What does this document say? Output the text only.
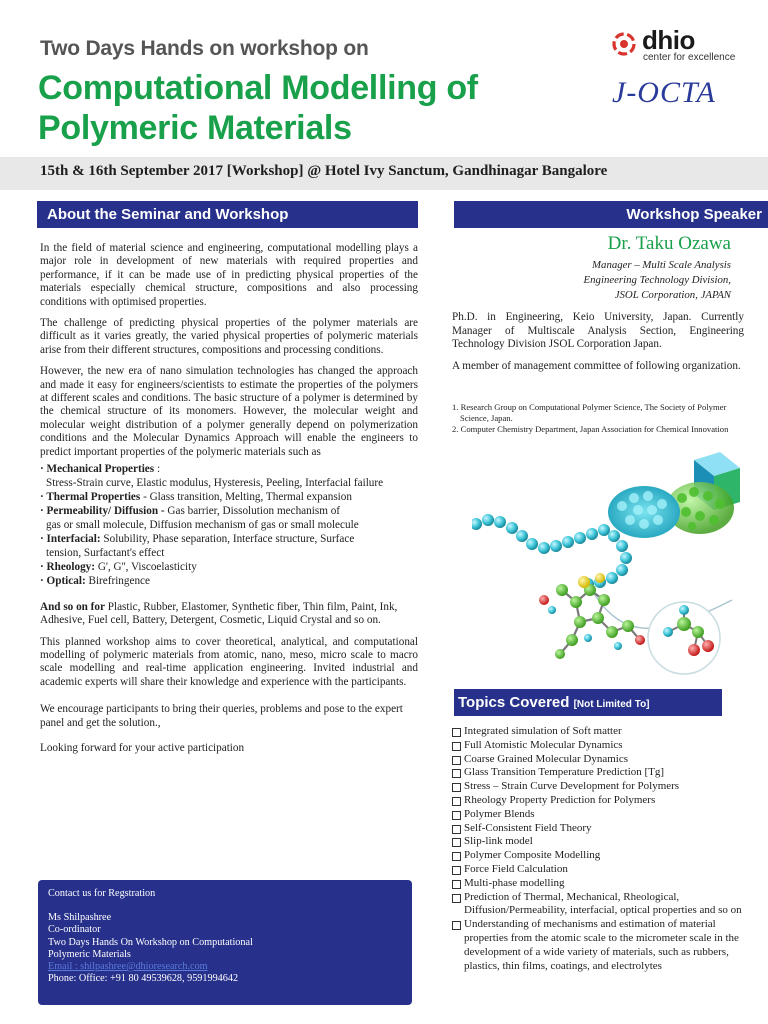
Two Days Hands on workshop on
Computational Modelling of
Polymeric Materials
dhio
center for excellence
J-OCTA
15th & 16th September 2017 [Workshop] @ Hotel Ivy Sanctum, Gandhinagar Bangalore
About the Seminar and Workshop	Workshop Speaker
Topics Covered [Not Limited To]

In the field of material science and engineering, computational modelling plays a major role in development of new materials with required properties and performance, if it can be made use of in predicting physical properties of the materials especially chemical structure, compositions and also processing conditions with optimised properties.

The challenge of predicting physical properties of the polymer materials are difficult as it varies greatly, the varied physical properties of polymeric materials arise from their different structures, compositions and processing conditions.

However, the new era of nano simulation technologies has changed the approach and made it easy for engineers/scientists to estimate the properties of the polymers at different scales and conditions. The basic structure of a polymer is determined by the chemical structure of its monomers. However, the molecular weight and molecular weight distribution of a polymer generally depend on polymerization conditions and the Molecular Dynamics Approach will enable the engineers to predict important properties of the polymeric materials such as

· Mechanical Properties :
Stress-Strain curve, Elastic modulus, Hysteresis, Peeling, Interfacial failure
· Thermal Properties - Glass transition, Melting, Thermal expansion
· Permeability/ Diffusion - Gas barrier, Dissolution mechanism of
gas or small molecule, Diffusion mechanism of gas or small molecule
· Interfacial: Solubility, Phase separation, Interface structure, Surface
tension, Surfactant's effect
· Rheology: G', G'', Viscoelasticity
· Optical: Birefringence

And so on for Plastic, Rubber, Elastomer, Synthetic fiber, Thin film, Paint, Ink, Adhesive, Fuel cell, Battery, Detergent, Cosmetic, Liquid Crystal and so on.

This planned workshop aims to cover theoretical, analytical, and computational modelling of polymeric materials from atomic, nano, meso, micro scale to macro scale modelling and real-time application engineering. Invited industrial and academic experts will share their knowledge and experience with the participants.

We encourage participants to bring their queries, problems and pose to the expert panel and get the solution.,

Looking forward for your active participation

Dr. Taku Ozawa
Manager – Multi Scale Analysis
Engineering Technology Division,
JSOL Corporation, JAPAN

Ph.D. in Engineering, Keio University, Japan. Currently Manager of Multiscale Analysis Section, Engineering Technology Division JSOL Corporation Japan.

A member of management committee of following organization.

1. Research Group on Computational Polymer Science, The Society of Polymer Science, Japan.
2. Computer Chemistry Department, Japan Association for Chemical Innovation
Integrated simulation of Soft matter
Full Atomistic Molecular Dynamics
Coarse Grained Molecular Dynamics
Glass Transition Temperature Prediction [Tg]
Stress – Strain Curve Development for Polymers
Rheology Property Prediction for Polymers
Polymer Blends
Self-Consistent Field Theory
Slip-link model
Polymer Composite Modelling
Force Field Calculation
Multi-phase modelling
Prediction of Thermal, Mechanical, Rheological, Diffusion/Permeability, interfacial, optical properties and so on
Understanding of mechanisms and estimation of material properties from the atomic scale to the micrometer scale in the development of a wide variety of materials, such as rubbers, plastics, thin films, coatings, and electrolytes
Contact us for Regstration
Ms Shilpashree
Co-ordinator
Two Days Hands On Workshop on Computational
Polymeric Materials
Email : shilpashree@dhioresearch.com
Phone: Office: +91 80 49539628, 9591994642
